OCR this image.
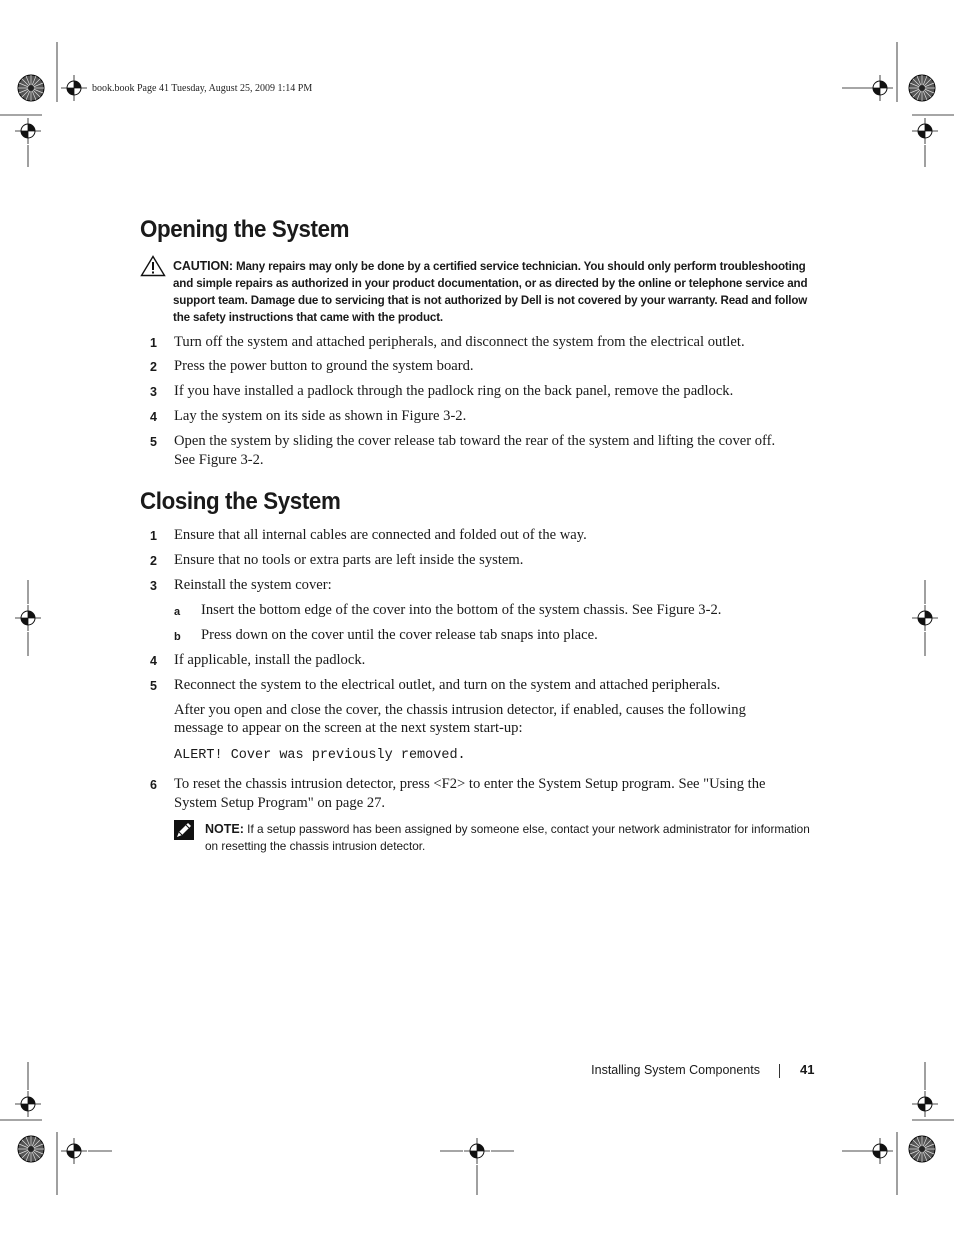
book.book Page 41 Tuesday, August 25, 2009 1:14 PM
Opening the System
CAUTION: Many repairs may only be done by a certified service technician. You should only perform troubleshooting and simple repairs as authorized in your product documentation, or as directed by the online or telephone service and support team. Damage due to servicing that is not authorized by Dell is not covered by your warranty. Read and follow the safety instructions that came with the product.
1 Turn off the system and attached peripherals, and disconnect the system from the electrical outlet.
2 Press the power button to ground the system board.
3 If you have installed a padlock through the padlock ring on the back panel, remove the padlock.
4 Lay the system on its side as shown in Figure 3-2.
5 Open the system by sliding the cover release tab toward the rear of the system and lifting the cover off.
See Figure 3-2.
Closing the System
1 Ensure that all internal cables are connected and folded out of the way.
2 Ensure that no tools or extra parts are left inside the system.
3 Reinstall the system cover:
a Insert the bottom edge of the cover into the bottom of the system chassis. See Figure 3-2.
b Press down on the cover until the cover release tab snaps into place.
4 If applicable, install the padlock.
5 Reconnect the system to the electrical outlet, and turn on the system and attached peripherals.
After you open and close the cover, the chassis intrusion detector, if enabled, causes the following
message to appear on the screen at the next system start-up:
ALERT! Cover was previously removed.
6 To reset the chassis intrusion detector, press <F2> to enter the System Setup program. See "Using the
System Setup Program" on page 27.
NOTE: If a setup password has been assigned by someone else, contact your network administrator for information on resetting the chassis intrusion detector.
Installing System Components	41
